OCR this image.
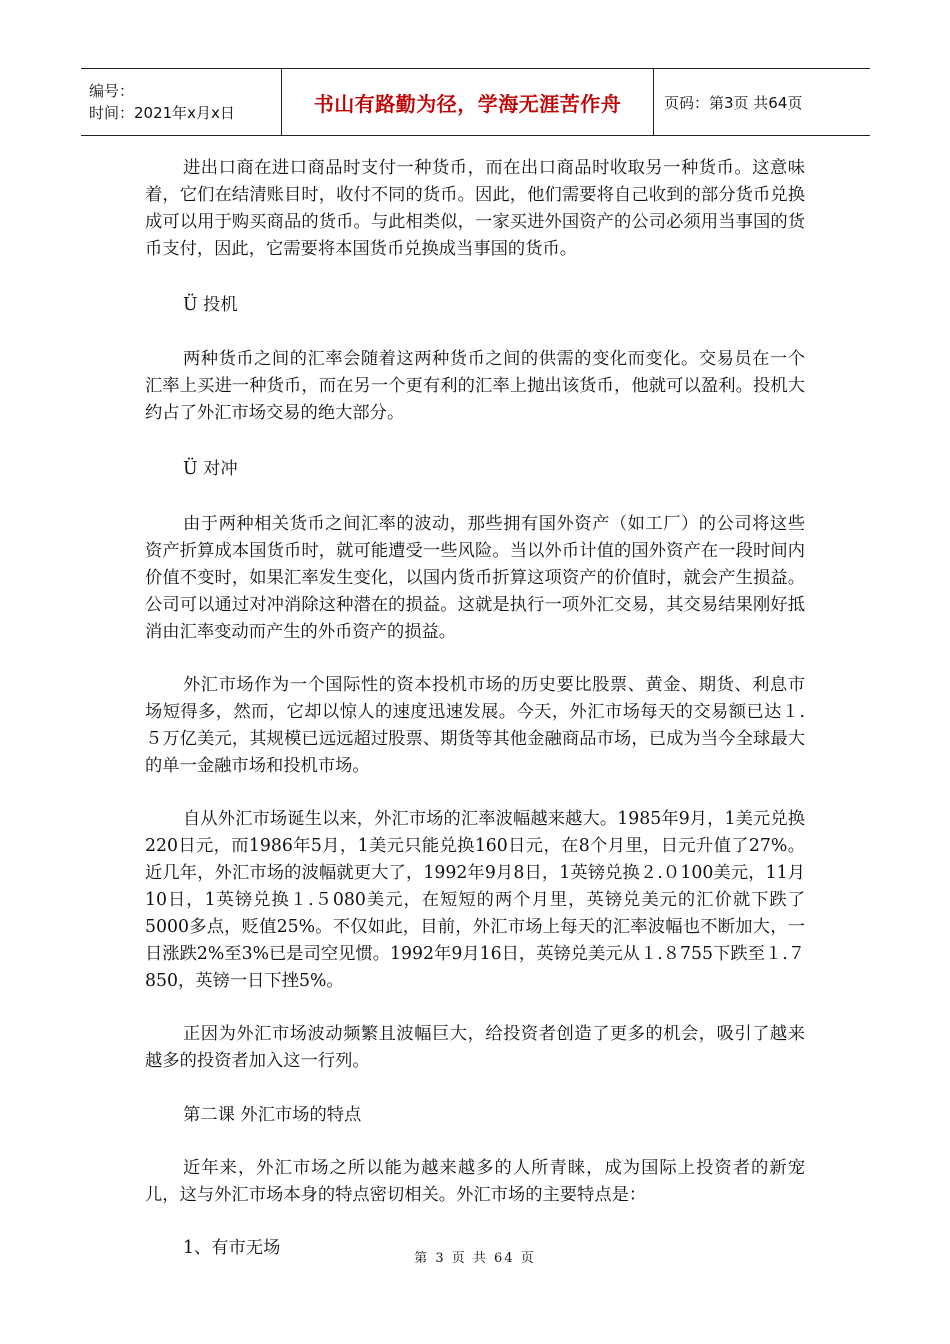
编号：
时间：2021年x月x日	书山有路勤为径，学海无涯苦作舟	页码：第3页 共64页

进出口商在进口商品时支付一种货币，而在出口商品时收取另一种货币。这意味着，它们在结清账目时，收付不同的货币。因此，他们需要将自己收到的部分货币兑换成可以用于购买商品的货币。与此相类似，一家买进外国资产的公司必须用当事国的货币支付，因此，它需要将本国货币兑换成当事国的货币。

Ü 投机

两种货币之间的汇率会随着这两种货币之间的供需的变化而变化。交易员在一个汇率上买进一种货币，而在另一个更有利的汇率上抛出该货币，他就可以盈利。投机大约占了外汇市场交易的绝大部分。

Ü 对冲

由于两种相关货币之间汇率的波动，那些拥有国外资产（如工厂）的公司将这些资产折算成本国货币时，就可能遭受一些风险。当以外币计值的国外资产在一段时间内价值不变时，如果汇率发生变化，以国内货币折算这项资产的价值时，就会产生损益。公司可以通过对冲消除这种潜在的损益。这就是执行一项外汇交易，其交易结果刚好抵消由汇率变动而产生的外币资产的损益。

外汇市场作为一个国际性的资本投机市场的历史要比股票、黄金、期货、利息市场短得多，然而，它却以惊人的速度迅速发展。今天，外汇市场每天的交易额已达１.５万亿美元，其规模已远远超过股票、期货等其他金融商品市场，已成为当今全球最大的单一金融市场和投机市场。

自从外汇市场诞生以来，外汇市场的汇率波幅越来越大。1985年9月，1美元兑换220日元，而1986年5月，1美元只能兑换160日元，在8个月里，日元升值了27%。近几年，外汇市场的波幅就更大了，1992年9月8日，1英镑兑换２.０100美元，11月10日，1英镑兑换１.５080美元，在短短的两个月里，英镑兑美元的汇价就下跌了5000多点，贬值25%。不仅如此，目前，外汇市场上每天的汇率波幅也不断加大，一日涨跌2%至3%已是司空见惯。1992年9月16日，英镑兑美元从１.８755下跌至１.７850，英镑一日下挫5%。

正因为外汇市场波动频繁且波幅巨大，给投资者创造了更多的机会，吸引了越来越多的投资者加入这一行列。

第二课 外汇市场的特点

近年来，外汇市场之所以能为越来越多的人所青睐，成为国际上投资者的新宠儿，这与外汇市场本身的特点密切相关。外汇市场的主要特点是：

1、有市无场

第 3 页 共 64 页
